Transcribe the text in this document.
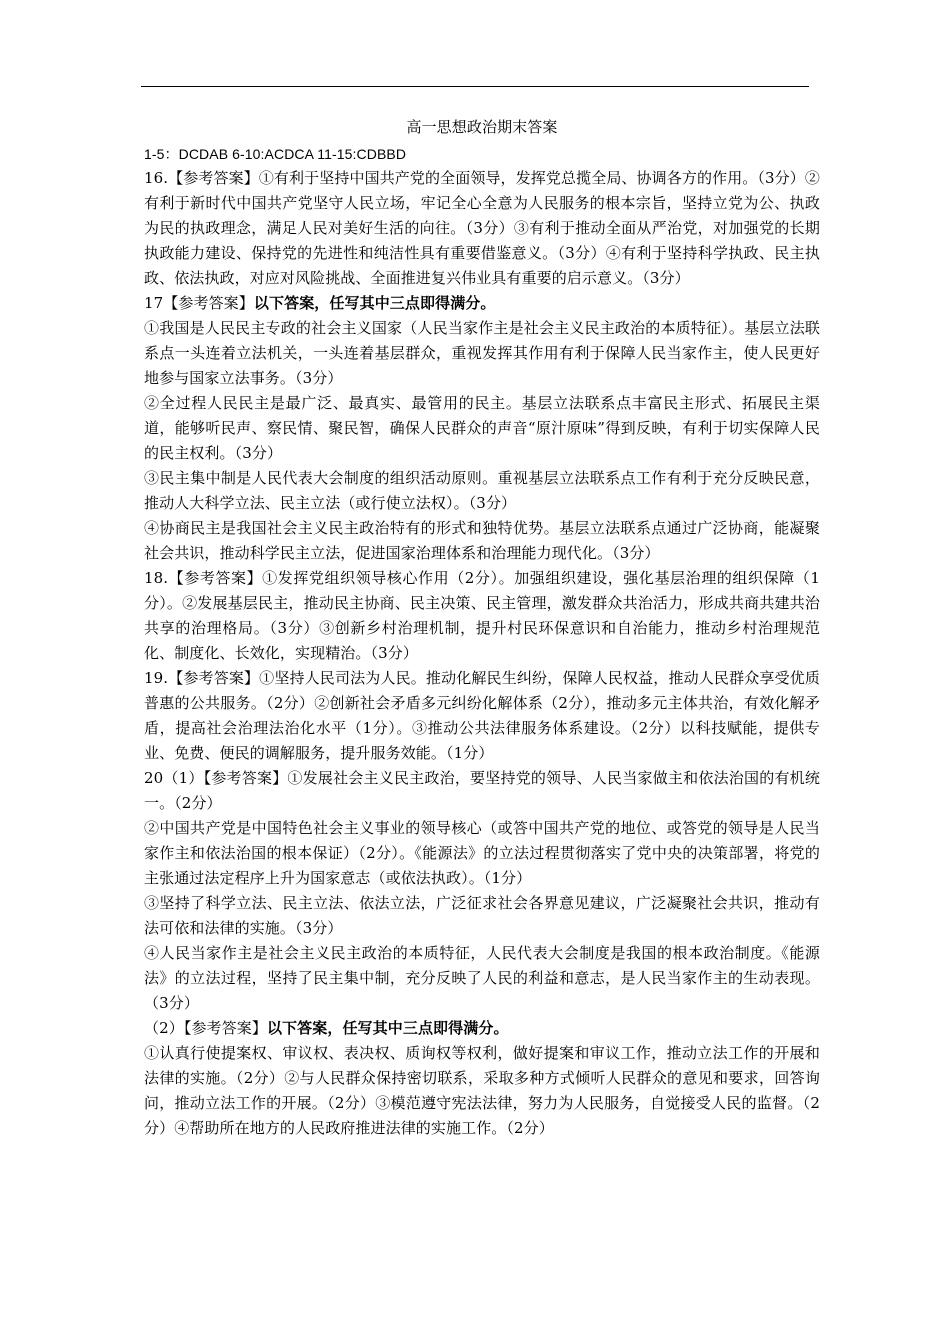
高一思想政治期末答案
1-5：DCDAB 6-10:ACDCA 11-15:CDBBD
16.【参考答案】①有利于坚持中国共产党的全面领导，发挥党总揽全局、协调各方的作用。（3分）②有利于新时代中国共产党坚守人民立场，牢记全心全意为人民服务的根本宗旨，坚持立党为公、执政为民的执政理念，满足人民对美好生活的向往。（3分）③有利于推动全面从严治党，对加强党的长期执政能力建设、保持党的先进性和纯洁性具有重要借鉴意义。（3分）④有利于坚持科学执政、民主执政、依法执政，对应对风险挑战、全面推进复兴伟业具有重要的启示意义。（3分）
17【参考答案】以下答案，任写其中三点即得满分。
①我国是人民民主专政的社会主义国家（人民当家作主是社会主义民主政治的本质特征）。基层立法联系点一头连着立法机关，一头连着基层群众，重视发挥其作用有利于保障人民当家作主，使人民更好地参与国家立法事务。（3分）
②全过程人民民主是最广泛、最真实、最管用的民主。基层立法联系点丰富民主形式、拓展民主渠道，能够听民声、察民情、聚民智，确保人民群众的声音“原汁原味”得到反映，有利于切实保障人民的民主权利。（3分）
③民主集中制是人民代表大会制度的组织活动原则。重视基层立法联系点工作有利于充分反映民意，推动人大科学立法、民主立法（或行使立法权）。（3分）
④协商民主是我国社会主义民主政治特有的形式和独特优势。基层立法联系点通过广泛协商，能凝聚社会共识，推动科学民主立法，促进国家治理体系和治理能力现代化。（3分）
18.【参考答案】①发挥党组织领导核心作用（2分）。加强组织建设，强化基层治理的组织保障（1分）。②发展基层民主，推动民主协商、民主决策、民主管理，激发群众共治活力，形成共商共建共治共享的治理格局。（3分）③创新乡村治理机制，提升村民环保意识和自治能力，推动乡村治理规范化、制度化、长效化，实现精治。（3分）
19.【参考答案】①坚持人民司法为人民。推动化解民生纠纷，保障人民权益，推动人民群众享受优质普惠的公共服务。（2分）②创新社会矛盾多元纠纷化解体系（2分），推动多元主体共治，有效化解矛盾，提高社会治理法治化水平（1分）。③推动公共法律服务体系建设。（2分）以科技赋能，提供专业、免费、便民的调解服务，提升服务效能。（1分）
20（1）【参考答案】①发展社会主义民主政治，要坚持党的领导、人民当家做主和依法治国的有机统一。（2分）
②中国共产党是中国特色社会主义事业的领导核心（或答中国共产党的地位、或答党的领导是人民当家作主和依法治国的根本保证）（2分）。《能源法》的立法过程贯彻落实了党中央的决策部署，将党的主张通过法定程序上升为国家意志（或依法执政）。（1分）
③坚持了科学立法、民主立法、依法立法，广泛征求社会各界意见建议，广泛凝聚社会共识，推动有法可依和法律的实施。（3分）
④人民当家作主是社会主义民主政治的本质特征，人民代表大会制度是我国的根本政治制度。《能源法》的立法过程，坚持了民主集中制，充分反映了人民的利益和意志，是人民当家作主的生动表现。（3分）
（2）【参考答案】以下答案，任写其中三点即得满分。
①认真行使提案权、审议权、表决权、质询权等权利，做好提案和审议工作，推动立法工作的开展和法律的实施。（2分）②与人民群众保持密切联系，采取多种方式倾听人民群众的意见和要求，回答询问，推动立法工作的开展。（2分）③模范遵守宪法法律，努力为人民服务，自觉接受人民的监督。（2分）④帮助所在地方的人民政府推进法律的实施工作。（2分）
